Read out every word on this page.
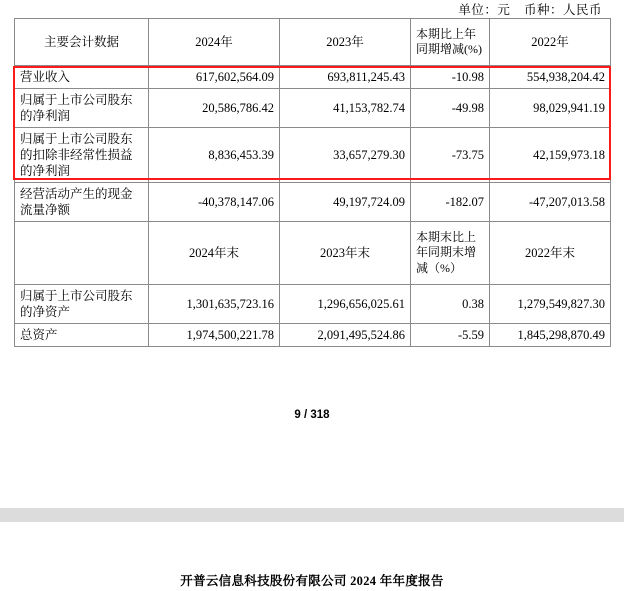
单位：元 币种：人民币
主要会计数据	2024年	2023年	本期比上年同期增减(%)	2022年
营业收入	617,602,564.09	693,811,245.43	-10.98	554,938,204.42
归属于上市公司股东的净利润	20,586,786.42	41,153,782.74	-49.98	98,029,941.19
归属于上市公司股东的扣除非经常性损益的净利润	8,836,453.39	33,657,279.30	-73.75	42,159,973.18
经营活动产生的现金流量净额	-40,378,147.06	49,197,724.09	-182.07	-47,207,013.58
	2024年末	2023年末	本期末比上年同期末增减（%）	2022年末
归属于上市公司股东的净资产	1,301,635,723.16	1,296,656,025.61	0.38	1,279,549,827.30
总资产	1,974,500,221.78	2,091,495,524.86	-5.59	1,845,298,870.49
9 / 318
开普云信息科技股份有限公司 2024 年年度报告
